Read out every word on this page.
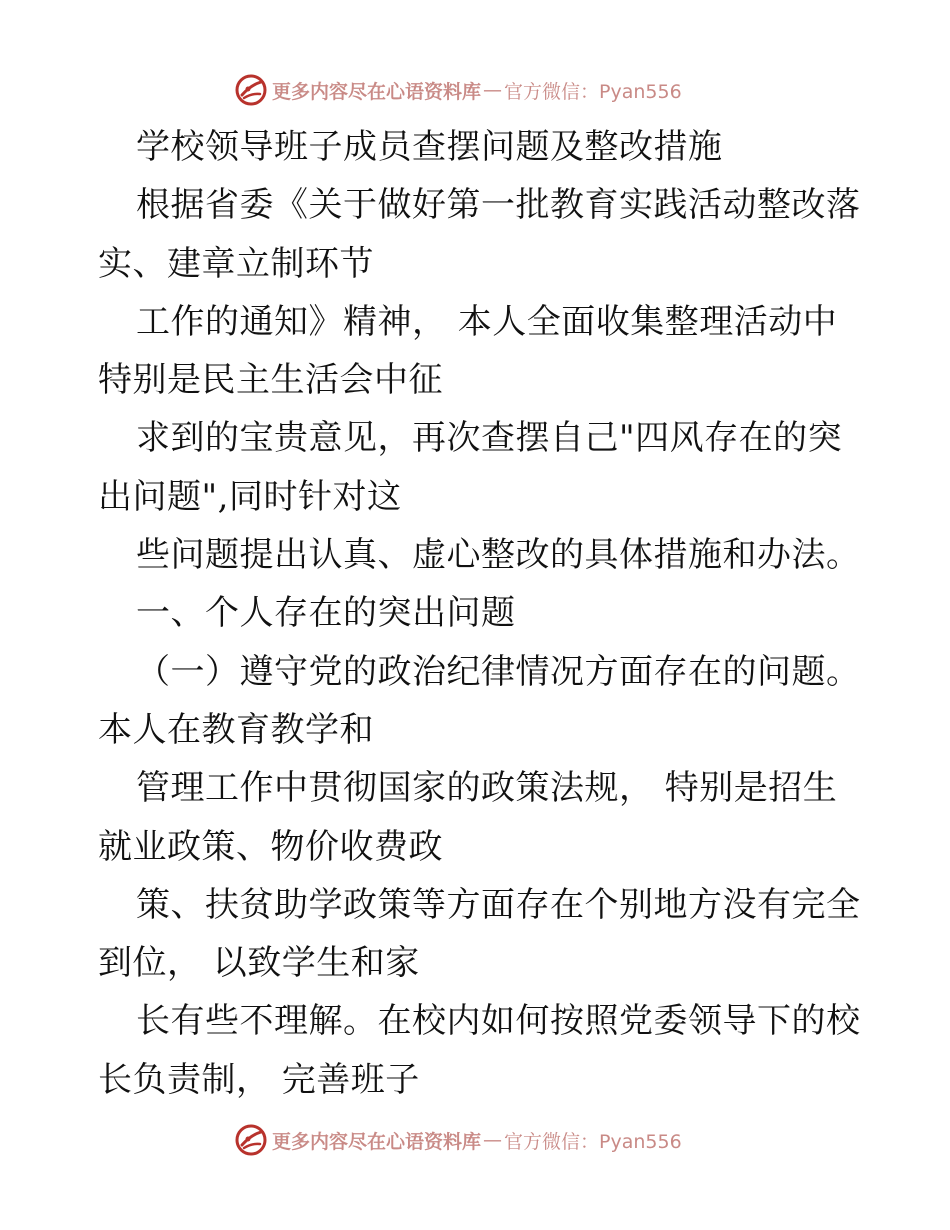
更多内容尽在心语资料库 — 官方微信：Pyan556
学校领导班子成员查摆问题及整改措施
根据省委《关于做好第一批教育实践活动整改落
实、建章立制环节
工作的通知》精神， 本人全面收集整理活动中
特别是民主生活会中征
求到的宝贵意见，再次查摆自己"四风存在的突
出问题",同时针对这
些问题提出认真、虚心整改的具体措施和办法。
一、个人存在的突出问题
（一）遵守党的政治纪律情况方面存在的问题。
本人在教育教学和
管理工作中贯彻国家的政策法规， 特别是招生
就业政策、物价收费政
策、扶贫助学政策等方面存在个别地方没有完全
到位， 以致学生和家
长有些不理解。在校内如何按照党委领导下的校
长负责制， 完善班子
更多内容尽在心语资料库 — 官方微信：Pyan556
